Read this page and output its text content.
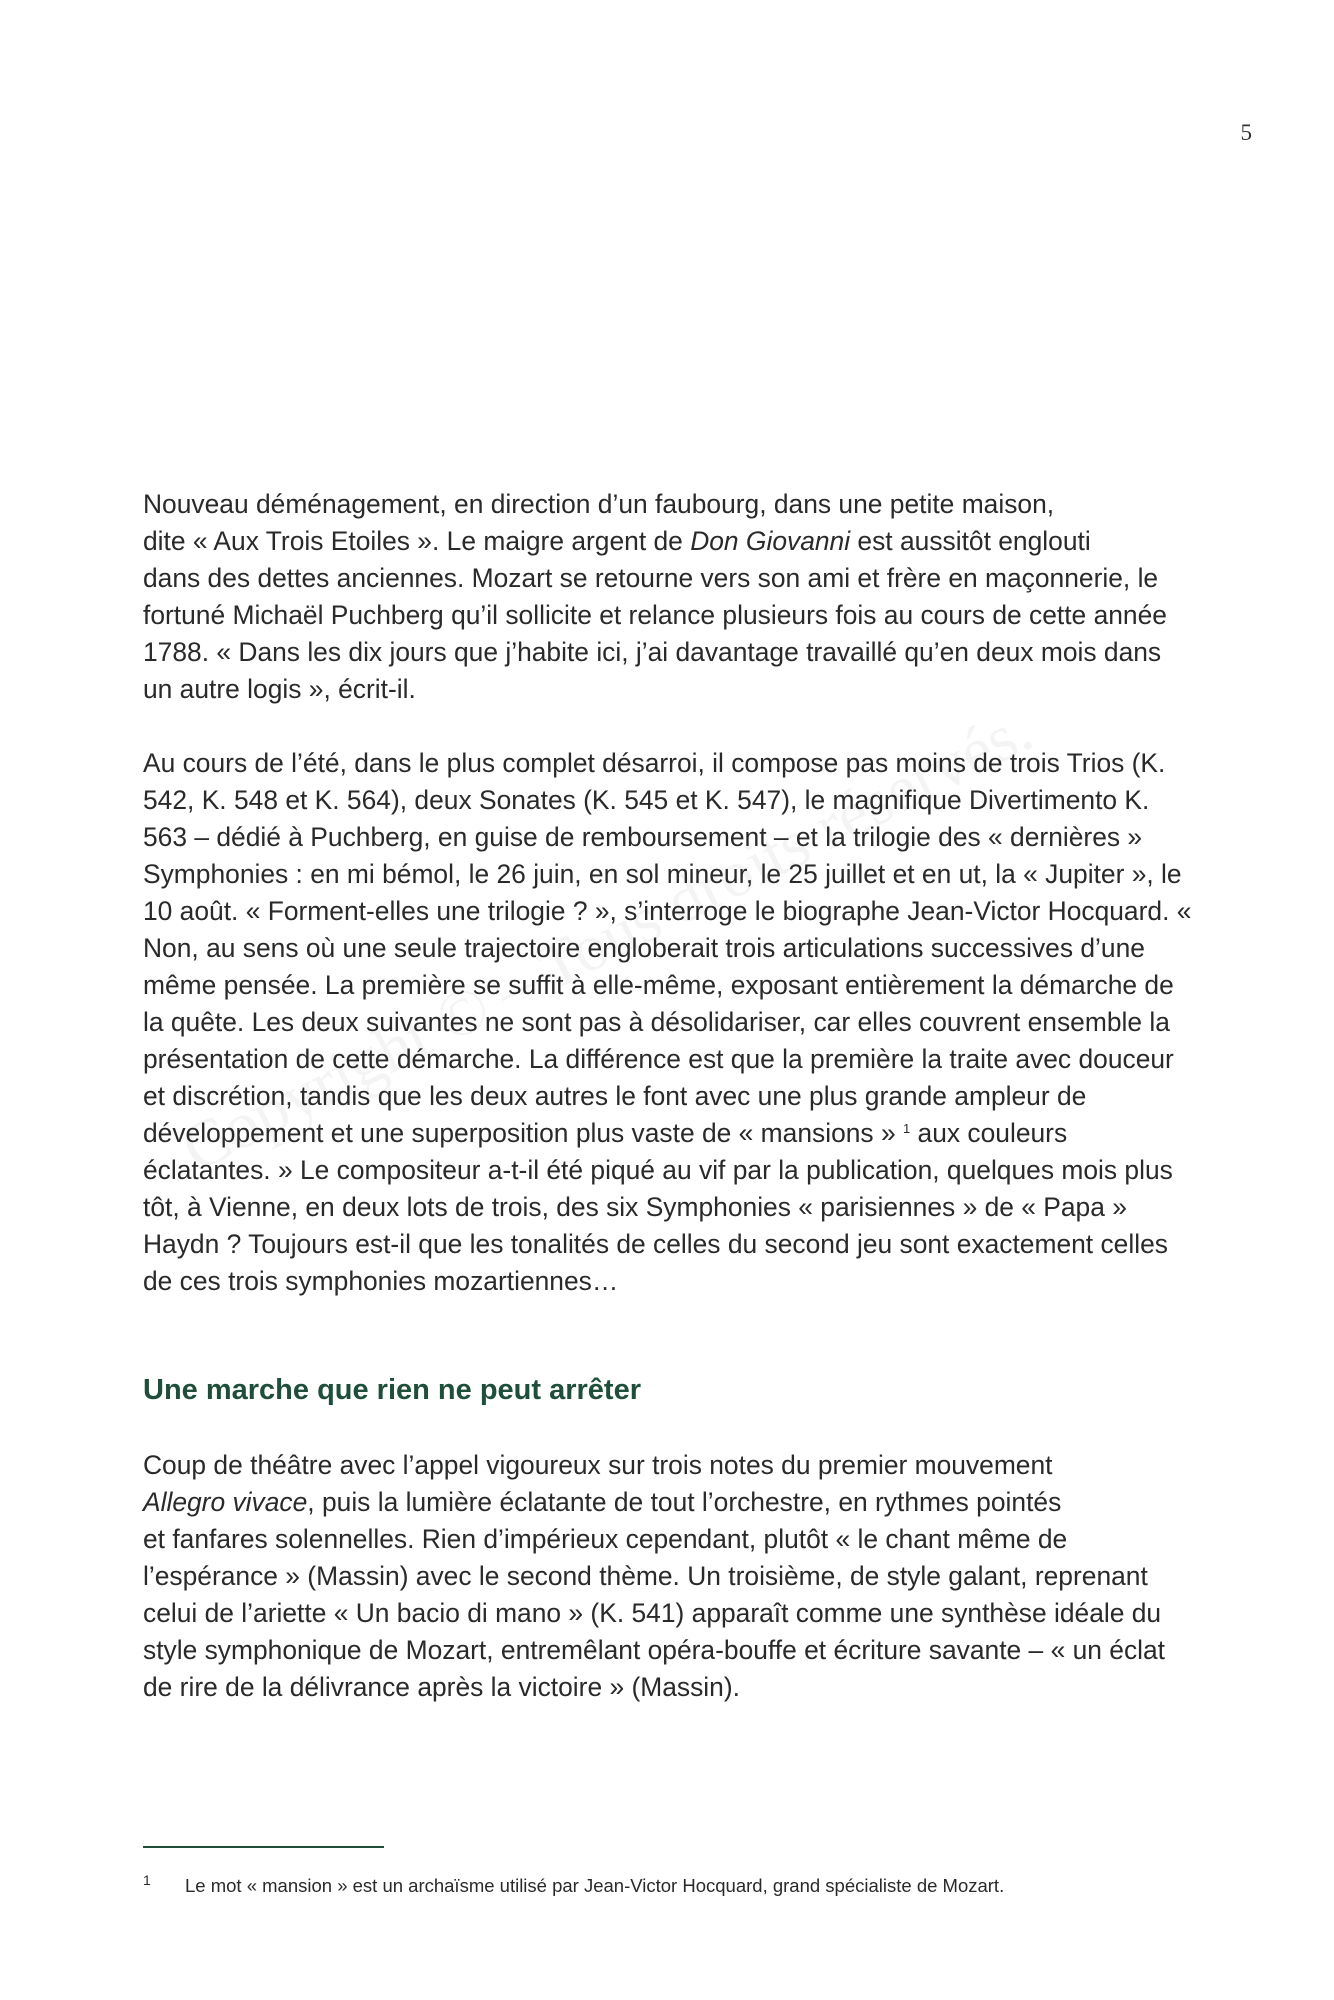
5

Nouveau déménagement, en direction d’un faubourg, dans une petite maison,
dite « Aux Trois Etoiles ». Le maigre argent de Don Giovanni est aussitôt englouti
dans des dettes anciennes. Mozart se retourne vers son ami et frère en maçonnerie, le fortuné Michaël Puchberg qu’il sollicite et relance plusieurs fois au cours de cette année 1788. « Dans les dix jours que j’habite ici, j’ai davantage travaillé qu’en deux mois dans un autre logis », écrit-il.

Au cours de l’été, dans le plus complet désarroi, il compose pas moins de trois Trios (K. 542, K. 548 et K. 564), deux Sonates (K. 545 et K. 547), le magnifique Divertimento K. 563 – dédié à Puchberg, en guise de remboursement – et la trilogie des « dernières » Symphonies : en mi bémol, le 26 juin, en sol mineur, le 25 juillet et en ut, la « Jupiter », le 10 août. « Forment-elles une trilogie ? », s’interroge le biographe Jean-Victor Hocquard. « Non, au sens où une seule trajectoire engloberait trois articulations successives d’une même pensée. La première se suffit à elle-même, exposant entièrement la démarche de la quête. Les deux suivantes ne sont pas à désolidariser, car elles couvrent ensemble la présentation de cette démarche. La différence est que la première la traite avec douceur et discrétion, tandis que les deux autres le font avec une plus grande ampleur de développement et une superposition plus vaste de « mansions » $^1$ aux couleurs éclatantes. » Le compositeur a-t-il été piqué au vif par la publication, quelques mois plus tôt, à Vienne, en deux lots de trois, des six Symphonies « parisiennes » de « Papa » Haydn ? Toujours est-il que les tonalités de celles du second jeu sont exactement celles de ces trois symphonies mozartiennes…

Une marche que rien ne peut arrêter

Coup de théâtre avec l’appel vigoureux sur trois notes du premier mouvement
Allegro vivace, puis la lumière éclatante de tout l’orchestre, en rythmes pointés
et fanfares solennelles. Rien d’impérieux cependant, plutôt « le chant même de l’espérance » (Massin) avec le second thème. Un troisième, de style galant, reprenant celui de l’ariette « Un bacio di mano » (K. 541) apparaît comme une synthèse idéale du style symphonique de Mozart, entremêlant opéra-bouffe et écriture savante – « un éclat de rire de la délivrance après la victoire » (Massin).

1 Le mot « mansion » est un archaïsme utilisé par Jean-Victor Hocquard, grand spécialiste de Mozart.
